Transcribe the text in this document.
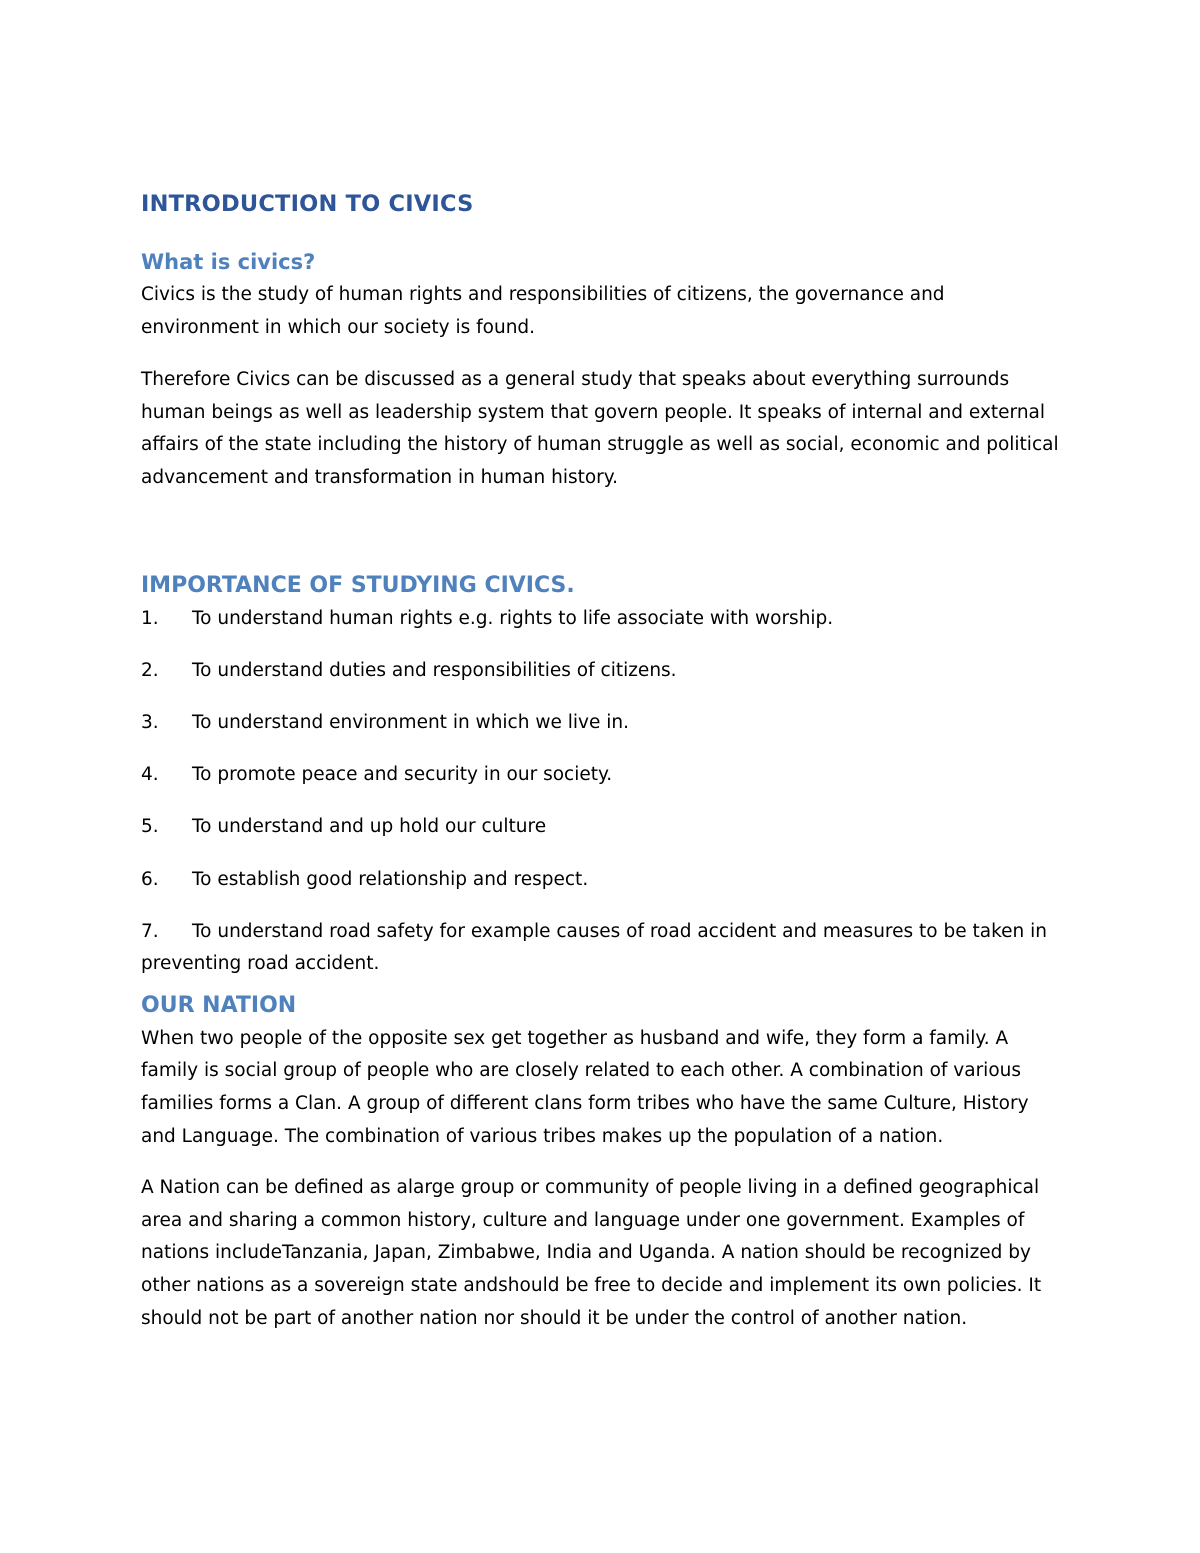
INTRODUCTION TO CIVICS
What is civics?

Civics is the study of human rights and responsibilities of citizens, the governance and environment in which our society is found.

Therefore Civics can be discussed as a general study that speaks about everything surrounds human beings as well as leadership system that govern people. It speaks of internal and external affairs of the state including the history of human struggle as well as social, economic and political advancement and transformation in human history.

IMPORTANCE OF STUDYING CIVICS.
1.	To understand human rights e.g. rights to life associate with worship.
2.	To understand duties and responsibilities of citizens.
3.	To understand environment in which we live in.
4.	To promote peace and security in our society.
5.	To understand and up hold our culture
6.	To establish good relationship and respect.
7. To understand road safety for example causes of road accident and measures to be taken in preventing road accident.
OUR NATION

When two people of the opposite sex get together as husband and wife, they form a family. A family is social group of people who are closely related to each other. A combination of various families forms a Clan. A group of different clans form tribes who have the same Culture, History and Language. The combination of various tribes makes up the population of a nation.

A Nation can be defined as alarge group or community of people living in a defined geographical area and sharing a common history, culture and language under one government. Examples of nations includeTanzania, Japan, Zimbabwe, India and Uganda. A nation should be recognized by other nations as a sovereign state andshould be free to decide and implement its own policies. It should not be part of another nation nor should it be under the control of another nation.
